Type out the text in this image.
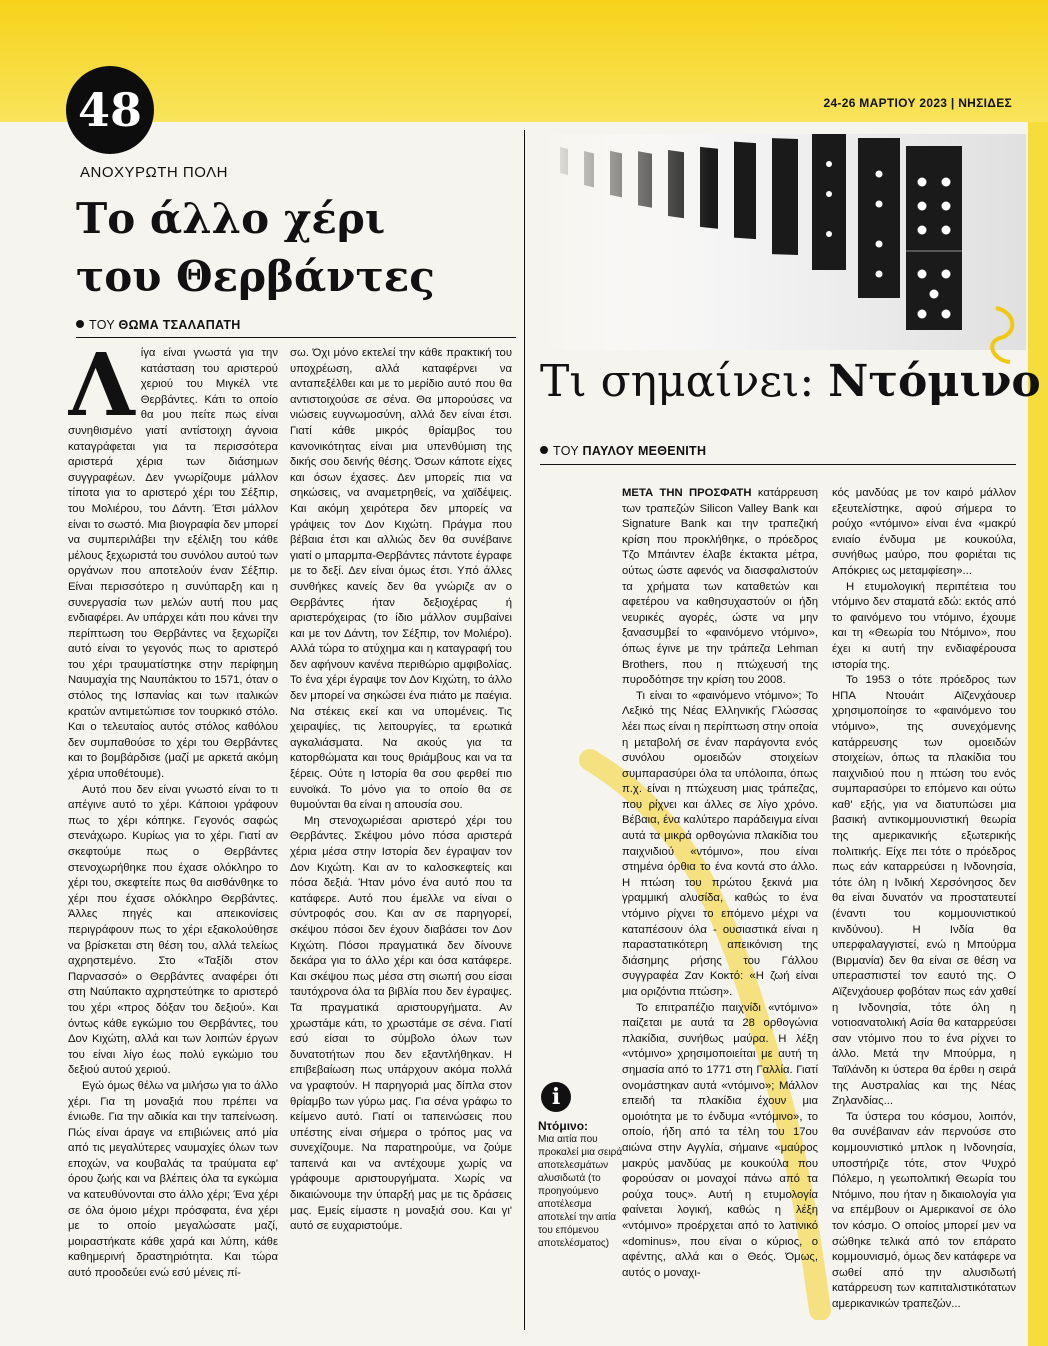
48	24-26 ΜΑΡΤΙΟΥ 2023 | ΝΗΣΙΔΕΣ
ΑΝΟΧΥΡΩΤΗ ΠΟΛΗ
Το άλλο χέρι
του Θερβάντες
ΤΟΥ ΘΩΜΑ ΤΣΑΛΑΠΑΤΗ
Λ ίγα είναι γνωστά για την κατάσταση του αριστερού χεριού του Μιγκέλ ντε Θερβάντες. Κάτι το οποίο θα μου πείτε πως είναι συνηθισμένο γιατί αντίστοιχη άγνοια καταγράφεται για τα περισσότερα αριστερά χέρια των διάσημων συγγραφέων. Δεν γνωρίζουμε μάλλον τίποτα για το αριστερό χέρι του Σέξπιρ, του Μολιέρου, του Δάντη. Έτσι μάλλον είναι το σωστό. Μια βιογραφία δεν μπορεί να συμπεριλάβει την εξέλιξη του κάθε μέλους ξεχωριστά του συνόλου αυτού των οργάνων που αποτελούν έναν Σέξπιρ. Είναι περισσότερο η συνύπαρξη και η συνεργασία των μελών αυτή που μας ενδιαφέρει. Αν υπάρχει κάτι που κάνει την περίπτωση του Θερβάντες να ξεχωρίζει αυτό είναι το γεγονός πως το αριστερό του χέρι τραυματίστηκε στην περίφημη Ναυμαχία της Ναυπάκτου το 1571, όταν ο στόλος της Ισπανίας και των ιταλικών κρατών αντιμετώπισε τον τουρκικό στόλο. Και ο τελευταίος αυτός στόλος καθόλου δεν συμπαθούσε το χέρι του Θερβάντες και το βομβάρδισε (μαζί με αρκετά ακόμη χέρια υποθέτουμε).

Αυτό που δεν είναι γνωστό είναι το τι απέγινε αυτό το χέρι. Κάποιοι γράφουν πως το χέρι κόπηκε. Γεγονός σαφώς στενάχωρο. Κυρίως για το χέρι. Γιατί αν σκεφτούμε πως ο Θερβάντες στενοχωρήθηκε που έχασε ολόκληρο το χέρι του, σκεφτείτε πως θα αισθάνθηκε το χέρι που έχασε ολόκληρο Θερβάντες. Άλλες πηγές και απεικονίσεις περιγράφουν πως το χέρι εξακολούθησε να βρίσκεται στη θέση του, αλλά τελείως αχρηστεμένο. Στο «Ταξίδι στον Παρνασσό» ο Θερβάντες αναφέρει ότι στη Ναύπακτο αχρηστεύτηκε το αριστερό του χέρι «προς δόξαν του δεξιού». Και όντως κάθε εγκώμιο του Θερβάντες, του Δον Κιχώτη, αλλά και των λοιπών έργων του είναι λίγο έως πολύ εγκώμιο του δεξιού αυτού χεριού.

Εγώ όμως θέλω να μιλήσω για το άλλο χέρι. Για τη μοναξιά που πρέπει να ένιωθε. Για την αδικία και την ταπείνωση. Πώς είναι άραγε να επιβιώνεις από μία από τις μεγαλύτερες ναυμαχίες όλων των εποχών, να κουβαλάς τα τραύματα εφ' όρου ζωής και να βλέπεις όλα τα εγκώμια να κατευθύνονται στο άλλο χέρι; Ένα χέρι σε όλα όμοιο μέχρι πρόσφατα, ένα χέρι με το οποίο μεγαλώσατε μαζί, μοιραστήκατε κάθε χαρά και λύπη, κάθε καθημερινή δραστηριότητα. Και τώρα αυτό προοδεύει ενώ εσύ μένεις πί-

σω. Όχι μόνο εκτελεί την κάθε πρακτική του υποχρέωση, αλλά καταφέρνει να ανταπεξέλθει και με το μερίδιο αυτό που θα αντιστοιχούσε σε σένα. Θα μπορούσες να νιώσεις ευγνωμοσύνη, αλλά δεν είναι έτσι. Γιατί κάθε μικρός θρίαμβος του κανονικότητας είναι μια υπενθύμιση της δικής σου δεινής θέσης. Όσων κάποτε είχες και όσων έχασες. Δεν μπορείς πια να σηκώσεις, να αναμετρηθείς, να χαϊδέψεις. Και ακόμη χειρότερα δεν μπορείς να γράψεις τον Δον Κιχώτη. Πράγμα που βέβαια έτσι και αλλιώς δεν θα συνέβαινε γιατί ο μπαρμπα-Θερβάντες πάντοτε έγραφε με το δεξί. Δεν είναι όμως έτσι. Υπό άλλες συνθήκες κανείς δεν θα γνώριζε αν ο Θερβάντες ήταν δεξιοχέρας ή αριστερόχειρας (το ίδιο μάλλον συμβαίνει και με τον Δάντη, τον Σέξπιρ, τον Μολιέρο). Αλλά τώρα το ατύχημα και η καταγραφή του δεν αφήνουν κανένα περιθώριο αμφιβολίας. Το ένα χέρι έγραψε τον Δον Κιχώτη, το άλλο δεν μπορεί να σηκώσει ένα πιάτο με παέγια. Να στέκεις εκεί και να υπομένεις. Τις χειραψίες, τις λειτουργίες, τα ερωτικά αγκαλιάσματα. Να ακούς για τα κατορθώματα και τους θριάμβους και να τα ξέρεις. Ούτε η Ιστορία θα σου φερθεί πιο ευνοϊκά. Το μόνο για το οποίο θα σε θυμούνται θα είναι η απουσία σου.

Μη στενοχωριέσαι αριστερό χέρι του Θερβάντες. Σκέψου μόνο πόσα αριστερά χέρια μέσα στην Ιστορία δεν έγραψαν τον Δον Κιχώτη. Και αν το καλοσκεφτείς και πόσα δεξιά. Ήταν μόνο ένα αυτό που τα κατάφερε. Αυτό που έμελλε να είναι ο σύντροφός σου. Και αν σε παρηγορεί, σκέψου πόσοι δεν έχουν διαβάσει τον Δον Κιχώτη. Πόσοι πραγματικά δεν δίνουνε δεκάρα για το άλλο χέρι και όσα κατάφερε. Και σκέψου πως μέσα στη σιωπή σου είσαι ταυτόχρονα όλα τα βιβλία που δεν έγραψες. Τα πραγματικά αριστουργήματα. Αν χρωστάμε κάτι, το χρωστάμε σε σένα. Γιατί εσύ είσαι το σύμβολο όλων των δυνατοτήτων που δεν εξαντλήθηκαν. Η επιβεβαίωση πως υπάρχουν ακόμα πολλά να γραφτούν. Η παρηγοριά μας δίπλα στον θρίαμβο των γύρω μας. Για σένα γράφω το κείμενο αυτό. Γιατί οι ταπεινώσεις που υπέστης είναι σήμερα ο τρόπος μας να συνεχίζουμε. Να παρατηρούμε, να ζούμε ταπεινά και να αντέχουμε χωρίς να γράφουμε αριστουργήματα. Χωρίς να δικαιώνουμε την ύπαρξή μας με τις δράσεις μας. Εμείς είμαστε η μοναξιά σου. Και γι' αυτό σε ευχαριστούμε.

Τι σημαίνει: Ντόμινο
ΤΟΥ ΠΑΥΛΟΥ ΜΕΘΕΝΙΤΗ

ΜΕΤΑ ΤΗΝ ΠΡΟΣΦΑΤΗ κατάρρευση των τραπεζών Silicon Valley Bank και Signature Bank και την τραπεζική κρίση που προκλήθηκε, ο πρόεδρος Τζο Μπάιντεν έλαβε έκτακτα μέτρα, ούτως ώστε αφενός να διασφαλιστούν τα χρήματα των καταθετών και αφετέρου να καθησυχαστούν οι ήδη νευρικές αγορές, ώστε να μην ξανασυμβεί το «φαινόμενο ντόμινο», όπως έγινε με την τράπεζα Lehman Brothers, που η πτώχευσή της πυροδότησε την κρίση του 2008.

Τι είναι το «φαινόμενο ντόμινο»; Το Λεξικό της Νέας Ελληνικής Γλώσσας λέει πως είναι η περίπτωση στην οποία η μεταβολή σε έναν παράγοντα ενός συνόλου ομοειδών στοιχείων συμπαρασύρει όλα τα υπόλοιπα, όπως π.χ. είναι η πτώχευση μιας τράπεζας, που ρίχνει και άλλες σε λίγο χρόνο. Βέβαια, ένα καλύτερο παράδειγμα είναι αυτά τα μικρά ορθογώνια πλακίδια του παιχνιδιού «ντόμινο», που είναι στημένα όρθια το ένα κοντά στο άλλο. Η πτώση του πρώτου ξεκινά μια γραμμική αλυσίδα, καθώς το ένα ντόμινο ρίχνει το επόμενο μέχρι να καταπέσουν όλα - ουσιαστικά είναι η παραστατικότερη απεικόνιση της διάσημης ρήσης του Γάλλου συγγραφέα Ζαν Κοκτό: «Η ζωή είναι μια οριζόντια πτώση».

Το επιτραπέζιο παιχνίδι «ντόμινο» παίζεται με αυτά τα 28 ορθογώνια πλακίδια, συνήθως μαύρα. Η λέξη «ντόμινο» χρησιμοποιείται με αυτή τη σημασία από το 1771 στη Γαλλία. Γιατί ονομάστηκαν αυτά «ντόμινο»; Μάλλον επειδή τα πλακίδια έχουν μια ομοιότητα με το ένδυμα «ντόμινο», το οποίο, ήδη από τα τέλη του 17ου αιώνα στην Αγγλία, σήμαινε «μαύρος μακρύς μανδύας με κουκούλα που φορούσαν οι μοναχοί πάνω από τα ρούχα τους». Αυτή η ετυμολογία φαίνεται λογική, καθώς η λέξη «ντόμινο» προέρχεται από το λατινικό «dominus», που είναι ο κύριος, ο αφέντης, αλλά και ο Θεός. Όμως, αυτός ο μοναχι-

κός μανδύας με τον καιρό μάλλον εξευτελίστηκε, αφού σήμερα το ρούχο «ντόμινο» είναι ένα «μακρύ ενιαίο ένδυμα με κουκούλα, συνήθως μαύρο, που φοριέται τις Απόκριες ως μεταμφίεση»...

Η ετυμολογική περιπέτεια του ντόμινο δεν σταματά εδώ: εκτός από το φαινόμενο του ντόμινο, έχουμε και τη «Θεωρία του Ντόμινο», που έχει κι αυτή την ενδιαφέρουσα ιστορία της.

Το 1953 ο τότε πρόεδρος των ΗΠΑ Ντουάιτ Αϊζενχάουερ χρησιμοποίησε το «φαινόμενο του ντόμινο», της συνεχόμενης κατάρρευσης των ομοειδών στοιχείων, όπως τα πλακίδια του παιχνιδιού που η πτώση του ενός συμπαρασύρει το επόμενο και ούτω καθ' εξής, για να διατυπώσει μια βασική αντικομμουνιστική θεωρία της αμερικανικής εξωτερικής πολιτικής. Είχε πει τότε ο πρόεδρος πως εάν καταρρεύσει η Ινδονησία, τότε όλη η Ινδική Χερσόνησος δεν θα είναι δυνατόν να προστατευτεί (έναντι του κομμουνιστικού κινδύνου). Η Ινδία θα υπερφαλαγγιστεί, ενώ η Μπούρμα (Βιρμανία) δεν θα είναι σε θέση να υπερασπιστεί τον εαυτό της. Ο Αϊζενχάουερ φοβόταν πως εάν χαθεί η Ινδονησία, τότε όλη η νοτιοανατολική Ασία θα καταρρεύσει σαν ντόμινο που το ένα ρίχνει το άλλο. Μετά την Μπούρμα, η Ταϊλάνδη κι ύστερα θα έρθει η σειρά της Αυστραλίας και της Νέας Ζηλανδίας...

Τα ύστερα του κόσμου, λοιπόν, θα συνέβαιναν εάν περνούσε στο κομμουνιστικό μπλοκ η Ινδονησία, υποστήριζε τότε, στον Ψυχρό Πόλεμο, η γεωπολιτική Θεωρία του Ντόμινο, που ήταν η δικαιολογία για να επέμβουν οι Αμερικανοί σε όλο τον κόσμο. Ο οποίος μπορεί μεν να σώθηκε τελικά από τον επάρατο κομμουνισμό, όμως δεν κατάφερε να σωθεί από την αλυσιδωτή κατάρρευση των καπιταλιστικότατων αμερικανικών τραπεζών...

i
Ντόμινο:
Μια αιτία που προκαλεί μια σειρά αποτελεσμάτων αλυσιδωτά (το προηγούμενο αποτέλεσμα αποτελεί την αιτία του επόμενου αποτελέσματος)
